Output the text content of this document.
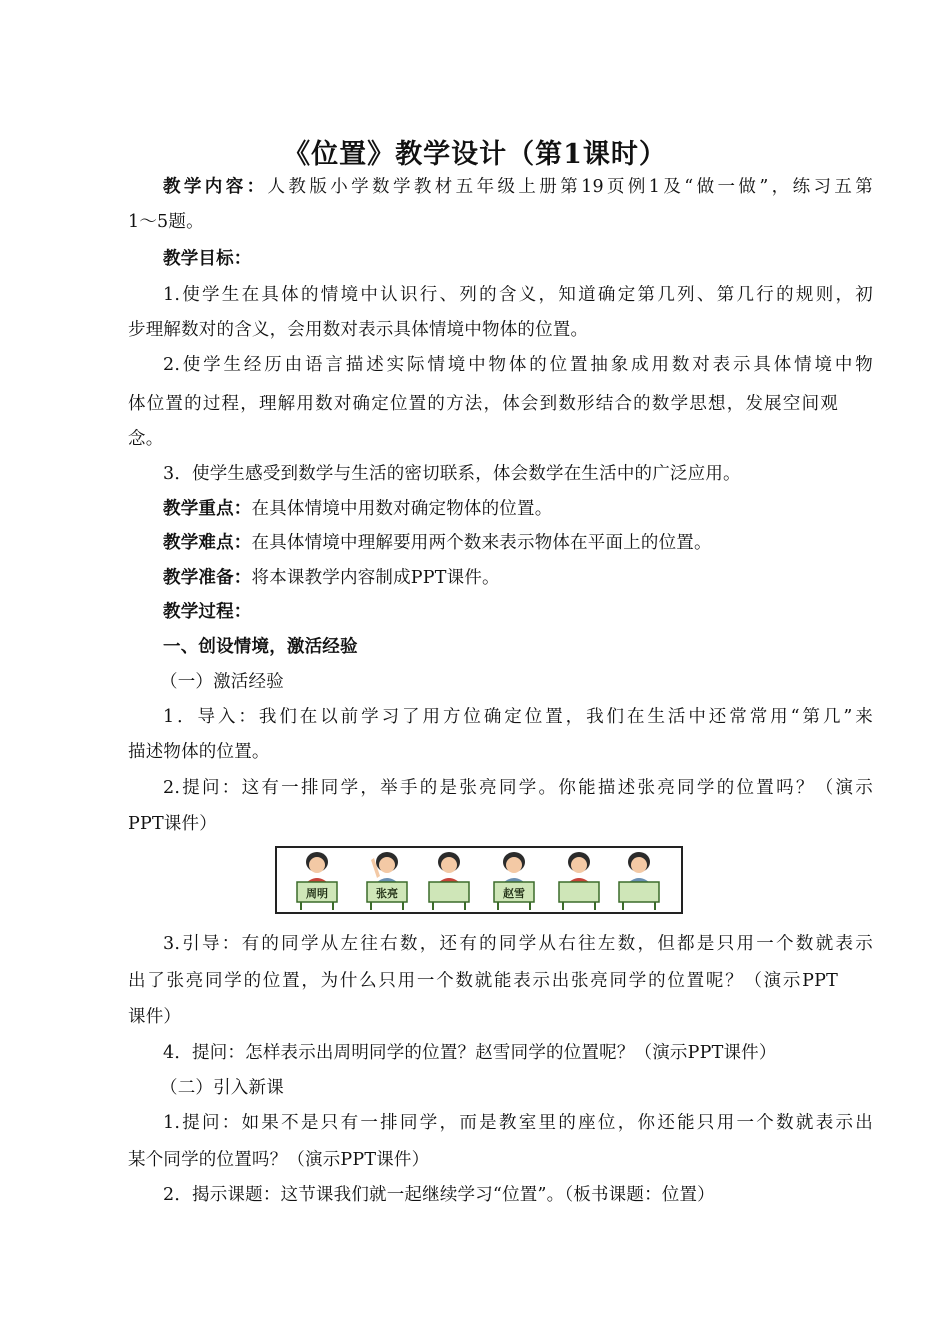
《位置》教学设计（第1课时）
教学内容：人教版小学数学教材五年级上册第19页例1及“做一做”，练习五第
1～5题。
教学目标：
1.使学生在具体的情境中认识行、列的含义，知道确定第几列、第几行的规则，初
步理解数对的含义，会用数对表示具体情境中物体的位置。
2.使学生经历由语言描述实际情境中物体的位置抽象成用数对表示具体情境中物
体位置的过程，理解用数对确定位置的方法，体会到数形结合的数学思想，发展空间观
念。
3．使学生感受到数学与生活的密切联系，体会数学在生活中的广泛应用。
教学重点：在具体情境中用数对确定物体的位置。
教学难点：在具体情境中理解要用两个数来表示物体在平面上的位置。
教学准备：将本课教学内容制成PPT课件。
教学过程：
一、创设情境，激活经验
（一）激活经验
1．导入：我们在以前学习了用方位确定位置，我们在生活中还常常用“第几”来
描述物体的位置。
2.提问：这有一排同学，举手的是张亮同学。你能描述张亮同学的位置吗？（演示
PPT课件）
周明	张亮	赵雪
3.引导：有的同学从左往右数，还有的同学从右往左数，但都是只用一个数就表示
出了张亮同学的位置，为什么只用一个数就能表示出张亮同学的位置呢？（演示PPT
课件）
4．提问：怎样表示出周明同学的位置？赵雪同学的位置呢？（演示PPT课件）
（二）引入新课
1.提问：如果不是只有一排同学，而是教室里的座位，你还能只用一个数就表示出
某个同学的位置吗？（演示PPT课件）
2．揭示课题：这节课我们就一起继续学习“位置”。（板书课题：位置）
